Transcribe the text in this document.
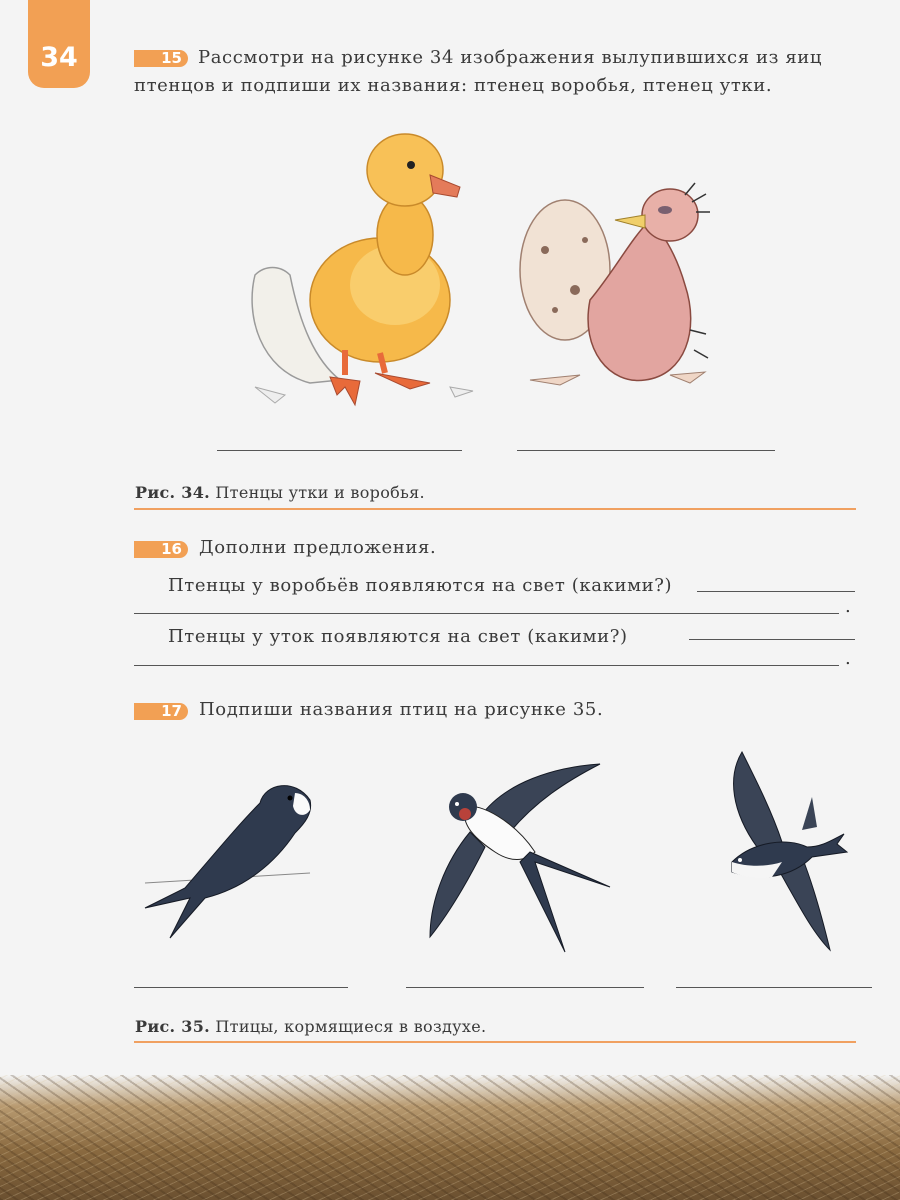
34	15 Рассмотри на рисунке 34 изображения вылупившихся из яиц
птенцов и подпиши их названия: птенец воробья, птенец утки.
Рис. 34. Птенцы утки и воробья.
16 Дополни предложения.
Птенцы у воробьёв появляются на свет (какими?)
.
Птенцы у уток появляются на свет (какими?)
.
17 Подпиши названия птиц на рисунке 35.
Рис. 35. Птицы, кормящиеся в воздухе.
